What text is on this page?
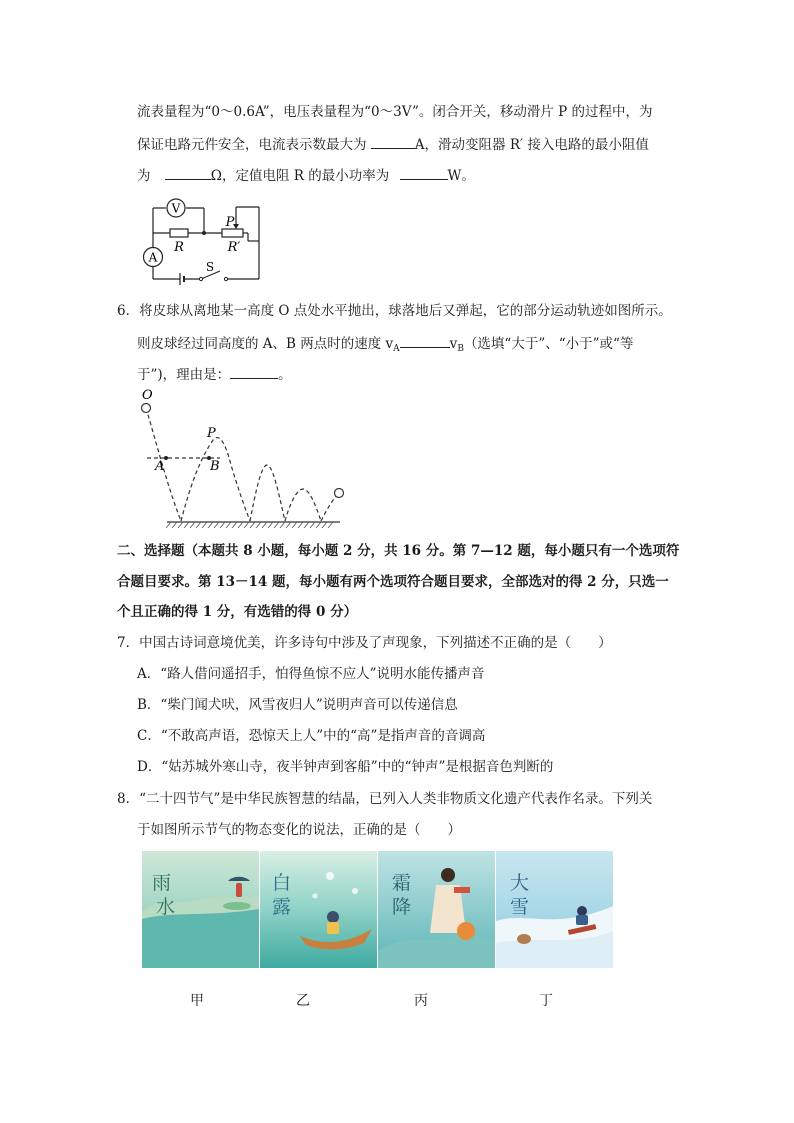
流表量程为“0～0.6A”，电压表量程为“0～3V”。闭合开关，移动滑片 P 的过程中，为
保证电路元件安全，电流表示数最大为	A，滑动变阻器 R′ 接入电路的最小阻值
为	Ω，定值电阻 R 的最小功率为	W。
V
A
R	R′
P
S
6．将皮球从离地某一高度 O 点处水平抛出，球落地后又弹起，它的部分运动轨迹如图所示。
则皮球经过同高度的 A、B 两点时的速度 $v_A$	$v_B$（选填“大于”、“小于”或“等
于”)，理由是：	。
O
P
A	B
二、选择题（本题共 8 小题，每小题 2 分，共 16 分。第 7—12 题，每小题只有一个选项符
合题目要求。第 13－14 题，每小题有两个选项符合题目要求，全部选对的得 2 分，只选一
个且正确的得 1 分，有选错的得 0 分）
7．中国古诗词意境优美，许多诗句中涉及了声现象，下列描述不正确的是（　　）
A．“路人借问遥招手，怕得鱼惊不应人”说明水能传播声音
B．“柴门闻犬吠，风雪夜归人”说明声音可以传递信息
C．“不敢高声语，恐惊天上人”中的“高”是指声音的音调高
D．“姑苏城外寒山寺，夜半钟声到客船”中的“钟声”是根据音色判断的
8．“二十四节气”是中华民族智慧的结晶，已列入人类非物质文化遗产代表作名录。下列关
于如图所示节气的物态变化的说法，正确的是（　　）
雨
水
白
露
霜
降
大
雪
甲	乙	丙	丁
